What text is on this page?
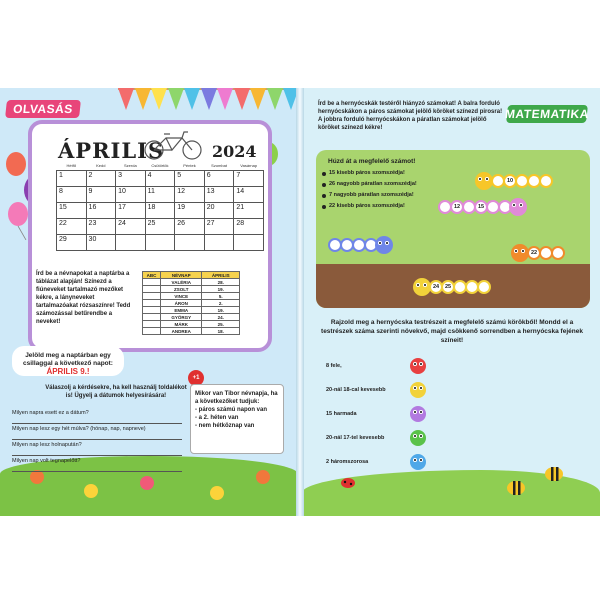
OLVASÁS
ÁPRILIS	2024
Hétfő	Kedd	Szerda	Csütörtök	Péntek	Szombat	Vasárnap
1	2	3	4	5	6	7
8	9	10	11	12	13	14
15	16	17	18	19	20	21
22	23	24	25	26	27	28
29	30					
Írd be a névnapokat a naptárba a táblázat alapján! Színezd a fiúneveket tartalmazó mezőket kékre, a lányneveket tartalmazóakat rózsaszínre! Tedd számozással betűrendbe a neveket!
ABC	NÉVNAP	ÁPRILIS
	VALÉRIA	28.
	ZSOLT	19.
	VINCE	5.
	ÁRON	2.
	EMMA	19.
	GYÖRGY	24.
	MÁRK	25.
	ANDREA	18.
Jelöld meg a naptárban egy csillaggal a következő napot:
ÁPRILIS 9.!
Válaszolj a kérdésekre, ha kell használj toldalékot is! Ügyelj a dátumok helyesírására!
Milyen napra esett ez a dátum?
Milyen nap lesz egy hét múlva? (hónap, nap, napneve)
Milyen nap lesz holnapután?
Milyen nap volt tegnapelőtt?
+1
Mikor van Tibor névnapja, ha a következőket tudjuk:
- páros számú napon van
- a 2. héten van
- nem hétköznap van
MATEMATIKA
Írd be a hernyócskák testéről hiányzó számokat! A balra forduló hernyócskákon a páros számokat jelölő köröket színezd pirosra! A jobbra forduló hernyócskákon a páratlan számokat jelölő köröket színezd kékre!
Húzd át a megfelelő számot!
15 kisebb páros szomszédja!
26 nagyobb páratlan szomszédja!
7 nagyobb páratlan szomszédja!
22 kisebb páros szomszédja!
10
12	15
22
24	25
Rajzold meg a hernyócska testrészeit a megfelelő számú körökből! Mondd el a testrészek száma szerinti növekvő, majd csökkenő sorrendben a hernyócska fejének színeit!
8 fele,
20-nál 18-cal kevesebb
15 harmada
20-nál 17-tel kevesebb
2 háromszorosa
